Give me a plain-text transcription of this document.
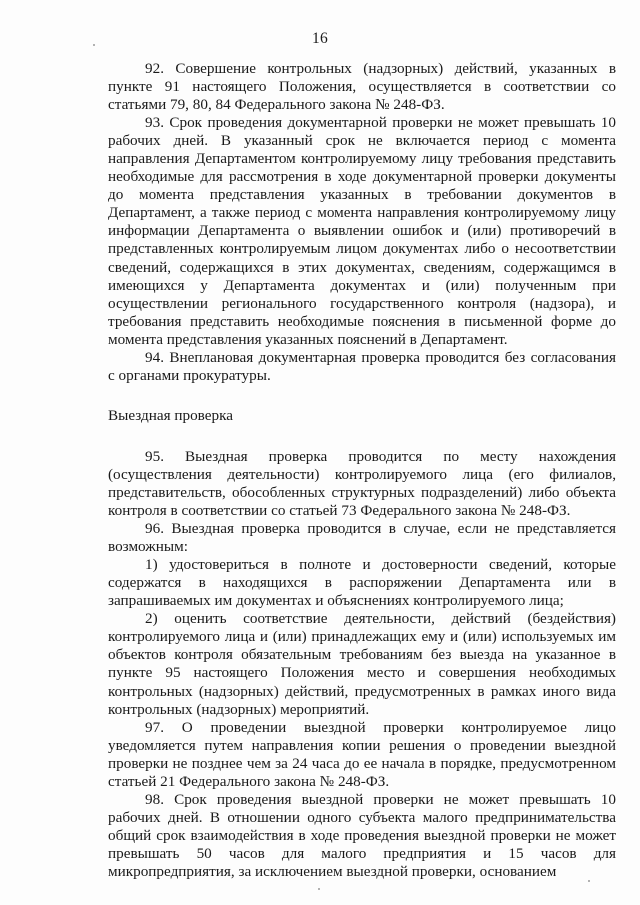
16

92. Совершение контрольных (надзорных) действий, указанных в пункте 91 настоящего Положения, осуществляется в соответствии со статьями 79, 80, 84 Федерального закона № 248-ФЗ.

93. Срок проведения документарной проверки не может превышать 10 рабочих дней. В указанный срок не включается период с момента направления Департаментом контролируемому лицу требования представить необходимые для рассмотрения в ходе документарной проверки документы до момента представления указанных в требовании документов в Департамент, а также период с момента направления контролируемому лицу информации Департамента о выявлении ошибок и (или) противоречий в представленных контролируемым лицом документах либо о несоответствии сведений, содержащихся в этих документах, сведениям, содержащимся в имеющихся у Департамента документах и (или) полученным при осуществлении регионального государственного контроля (надзора), и требования представить необходимые пояснения в письменной форме до момента представления указанных пояснений в Департамент.

94. Внеплановая документарная проверка проводится без согласования с органами прокуратуры.

Выездная проверка

95. Выездная проверка проводится по месту нахождения (осуществления деятельности) контролируемого лица (его филиалов, представительств, обособленных структурных подразделений) либо объекта контроля в соответствии со статьей 73 Федерального закона № 248-ФЗ.

96. Выездная проверка проводится в случае, если не представляется возможным:

1) удостовериться в полноте и достоверности сведений, которые содержатся в находящихся в распоряжении Департамента или в запрашиваемых им документах и объяснениях контролируемого лица;

2) оценить соответствие деятельности, действий (бездействия) контролируемого лица и (или) принадлежащих ему и (или) используемых им объектов контроля обязательным требованиям без выезда на указанное в пункте 95 настоящего Положения место и совершения необходимых контрольных (надзорных) действий, предусмотренных в рамках иного вида контрольных (надзорных) мероприятий.

97. О проведении выездной проверки контролируемое лицо уведомляется путем направления копии решения о проведении выездной проверки не позднее чем за 24 часа до ее начала в порядке, предусмотренном статьей 21 Федерального закона № 248-ФЗ.

98. Срок проведения выездной проверки не может превышать 10 рабочих дней. В отношении одного субъекта малого предпринимательства общий срок взаимодействия в ходе проведения выездной проверки не может превышать 50 часов для малого предприятия и 15 часов для микропредприятия, за исключением выездной проверки, основанием
